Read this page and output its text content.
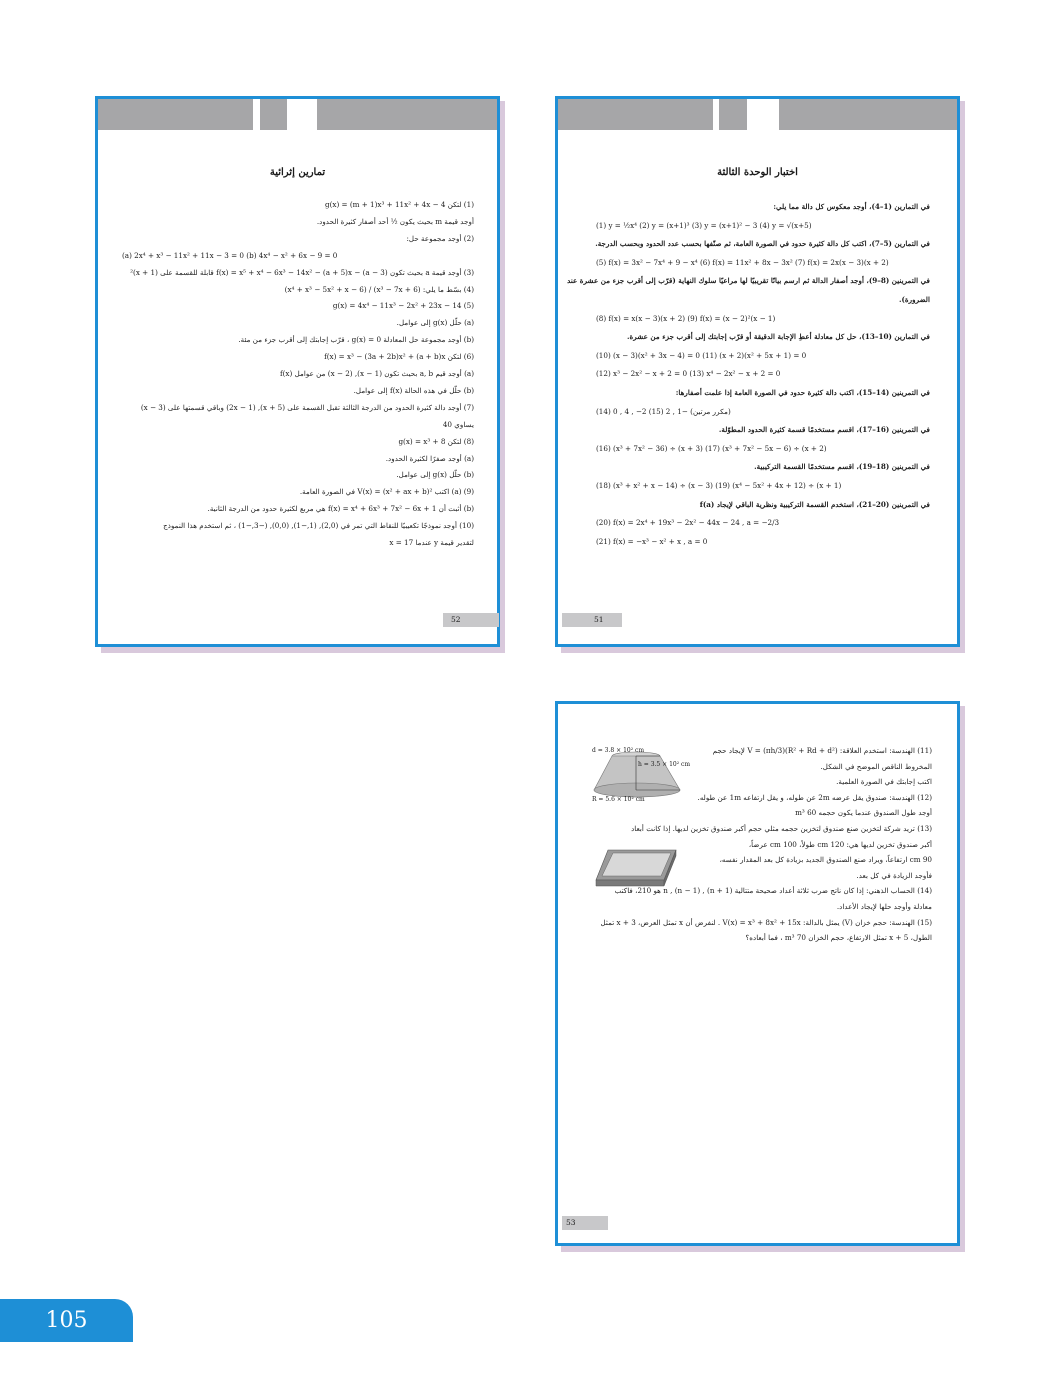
تمارين إثرائية
(1) لتكن g(x) = (m + 1)x³ + 11x² + 4x − 4
أوجد قيمة m بحيث يكون ½ أحد أصفار كثيرة الحدود.
(2) أوجد مجموعة حل:
(a) 2x⁴ + x³ − 11x² + 11x − 3 = 0 (b) 4x⁴ − x² + 6x − 9 = 0
(3) أوجد قيمة a بحيث تكون f(x) = x⁵ + x⁴ − 6x³ − 14x² − (a + 5)x − (a − 3) قابلة للقسمة على (x + 1)²
(4) بسّط ما يلي: (x³ − 7x + 6) / (x⁴ + x³ − 5x² + x − 6)
(5) g(x) = 4x⁴ − 11x³ − 2x² + 23x − 14
(a) حلّل g(x) إلى عوامل.
(b) أوجد مجموعة حل المعادلة g(x) = 0 ، قرّب إجابتك إلى أقرب جزء من مئة.
(6) لتكن f(x) = x³ − (3a + 2b)x² + (a + b)x
(a) أوجد قيم a, b بحيث تكون (x − 1), (x − 2) من عوامل f(x)
(b) حلّل في هذه الحالة f(x) إلى عوامل.
(7) أوجد دالة كثيرة الحدود من الدرجة الثالثة تقبل القسمة على (x + 5), (2x − 1) وباقي قسمتها على (x − 3)
يساوي 40
(8) لتكن g(x) = x³ + 8
(a) أوجد صفرًا لكثيرة الحدود.
(b) حلّل g(x) إلى عوامل.
(9) (a) اكتب V(x) = (x² + ax + b)² في الصورة العامة.
(b) أثبت أن f(x) = x⁴ + 6x³ + 7x² − 6x + 1 هي مربع لكثيرة حدود من الدرجة الثانية.
(10) أوجد نموذجًا تكعيبيًا للنقاط التي تمر في (2,0), (1,−1), (0,0), (−3,−1) ، ثم استخدم هذا النموذج
لتقدير قيمة y عندما x = 17
52
اختبار الوحدة الثالثة
في التمارين (1–4)، أوجد معكوس كل دالة مما يلي:
(1) y = ½x⁴ (2) y = (x+1)³ (3) y = (x+1)² − 3 (4) y = √(x+5)
في التمارين (5–7)، اكتب كل دالة كثيرة حدود في الصورة العامة، ثم صنّفها بحسب عدد الحدود وبحسب الدرجة.
(5) f(x) = 3x² − 7x⁴ + 9 − x⁴ (6) f(x) = 11x² + 8x − 3x² (7) f(x) = 2x(x − 3)(x + 2)
في التمرينين (8–9)، أوجد أصفار الدالة ثم ارسم بيانًا تقريبيًا لها مراعيًا سلوك النهاية (قرّب إلى أقرب جزء من عشرة عند
الضرورة).
(8) f(x) = x(x − 3)(x + 2) (9) f(x) = (x − 2)²(x − 1)
في التمارين (10–13)، حل كل معادلة أعطِ الإجابة الدقيقة أو قرّب إجابتك إلى أقرب جزء من عشرة.
(10) (x − 3)(x² + 3x − 4) = 0 (11) (x + 2)(x² + 5x + 1) = 0
(12) x³ − 2x² − x + 2 = 0 (13) x⁴ − 2x² − x + 2 = 0
في التمرينين (14–15)، اكتب دالة كثيرة حدود في الصورة العامة إذا علمت أصفارها:
(14) 0 , 4 , −2 (15) 2 , 1− (مكرر مرتين)
في التمرينين (16–17)، اقسم مستخدمًا قسمة كثيرة الحدود المطوّلة.
(16) (x³ + 7x² − 36) ÷ (x + 3) (17) (x³ + 7x² − 5x − 6) ÷ (x + 2)
في التمرينين (18–19)، اقسم مستخدمًا القسمة التركيبية.
(18) (x³ + x² + x − 14) ÷ (x − 3) (19) (x⁴ − 5x² + 4x + 12) ÷ (x + 1)
في التمرينين (20–21)، استخدم القسمة التركيبية ونظرية الباقي لإيجاد f(a)
(20) f(x) = 2x⁴ + 19x³ − 2x² − 44x − 24 , a = −2/3
(21) f(x) = −x³ − x² + x , a = 0
51
(11) الهندسة: استخدم العلاقة: V = (πh/3)(R² + Rd + d²) لإيجاد حجم
المخروط الناقص الموضح في الشكل.
اكتب إجابتك في الصورة العلمية.
(12) الهندسة: صندوق يقل عرضه 2m عن طوله، و يقل ارتفاعه 1m عن طوله.
أوجد طول الصندوق عندما يكون حجمه 60 m³
(13) تريد شركة لتخزين صنع صندوق لتخزين حجمه مثلي حجم أكبر صندوق تخزين لديها. إذا كانت أبعاد
أكبر صندوق تخزين لديها هي: 120 cm طولاً، 100 cm عرضاً،
90 cm ارتفاعاً، ويراد صنع الصندوق الجديد بزيادة كل بعد المقدار نفسه،
فأوجد الزيادة في كل بعد.
(14) الحساب الذهني: إذا كان ناتج ضرب ثلاثة أعداد صحيحة متتالية (n + 1) , n , (n − 1) هو 210، فاكتب
معادلة وأوجد حلها لإيجاد الأعداد.
(15) الهندسة: حجم خزان (V) يمثل بالدالة: V(x) = x³ + 8x² + 15x . لنفرض أن x تمثل العرض، x + 3 تمثل
الطول، x + 5 تمثل الارتفاع، حجم الخزان 70 m³ ، فما أبعاده؟
d = 3.8 × 10² cm
h = 3.5 × 10² cm
R = 5.6 × 10² cm
53
105
